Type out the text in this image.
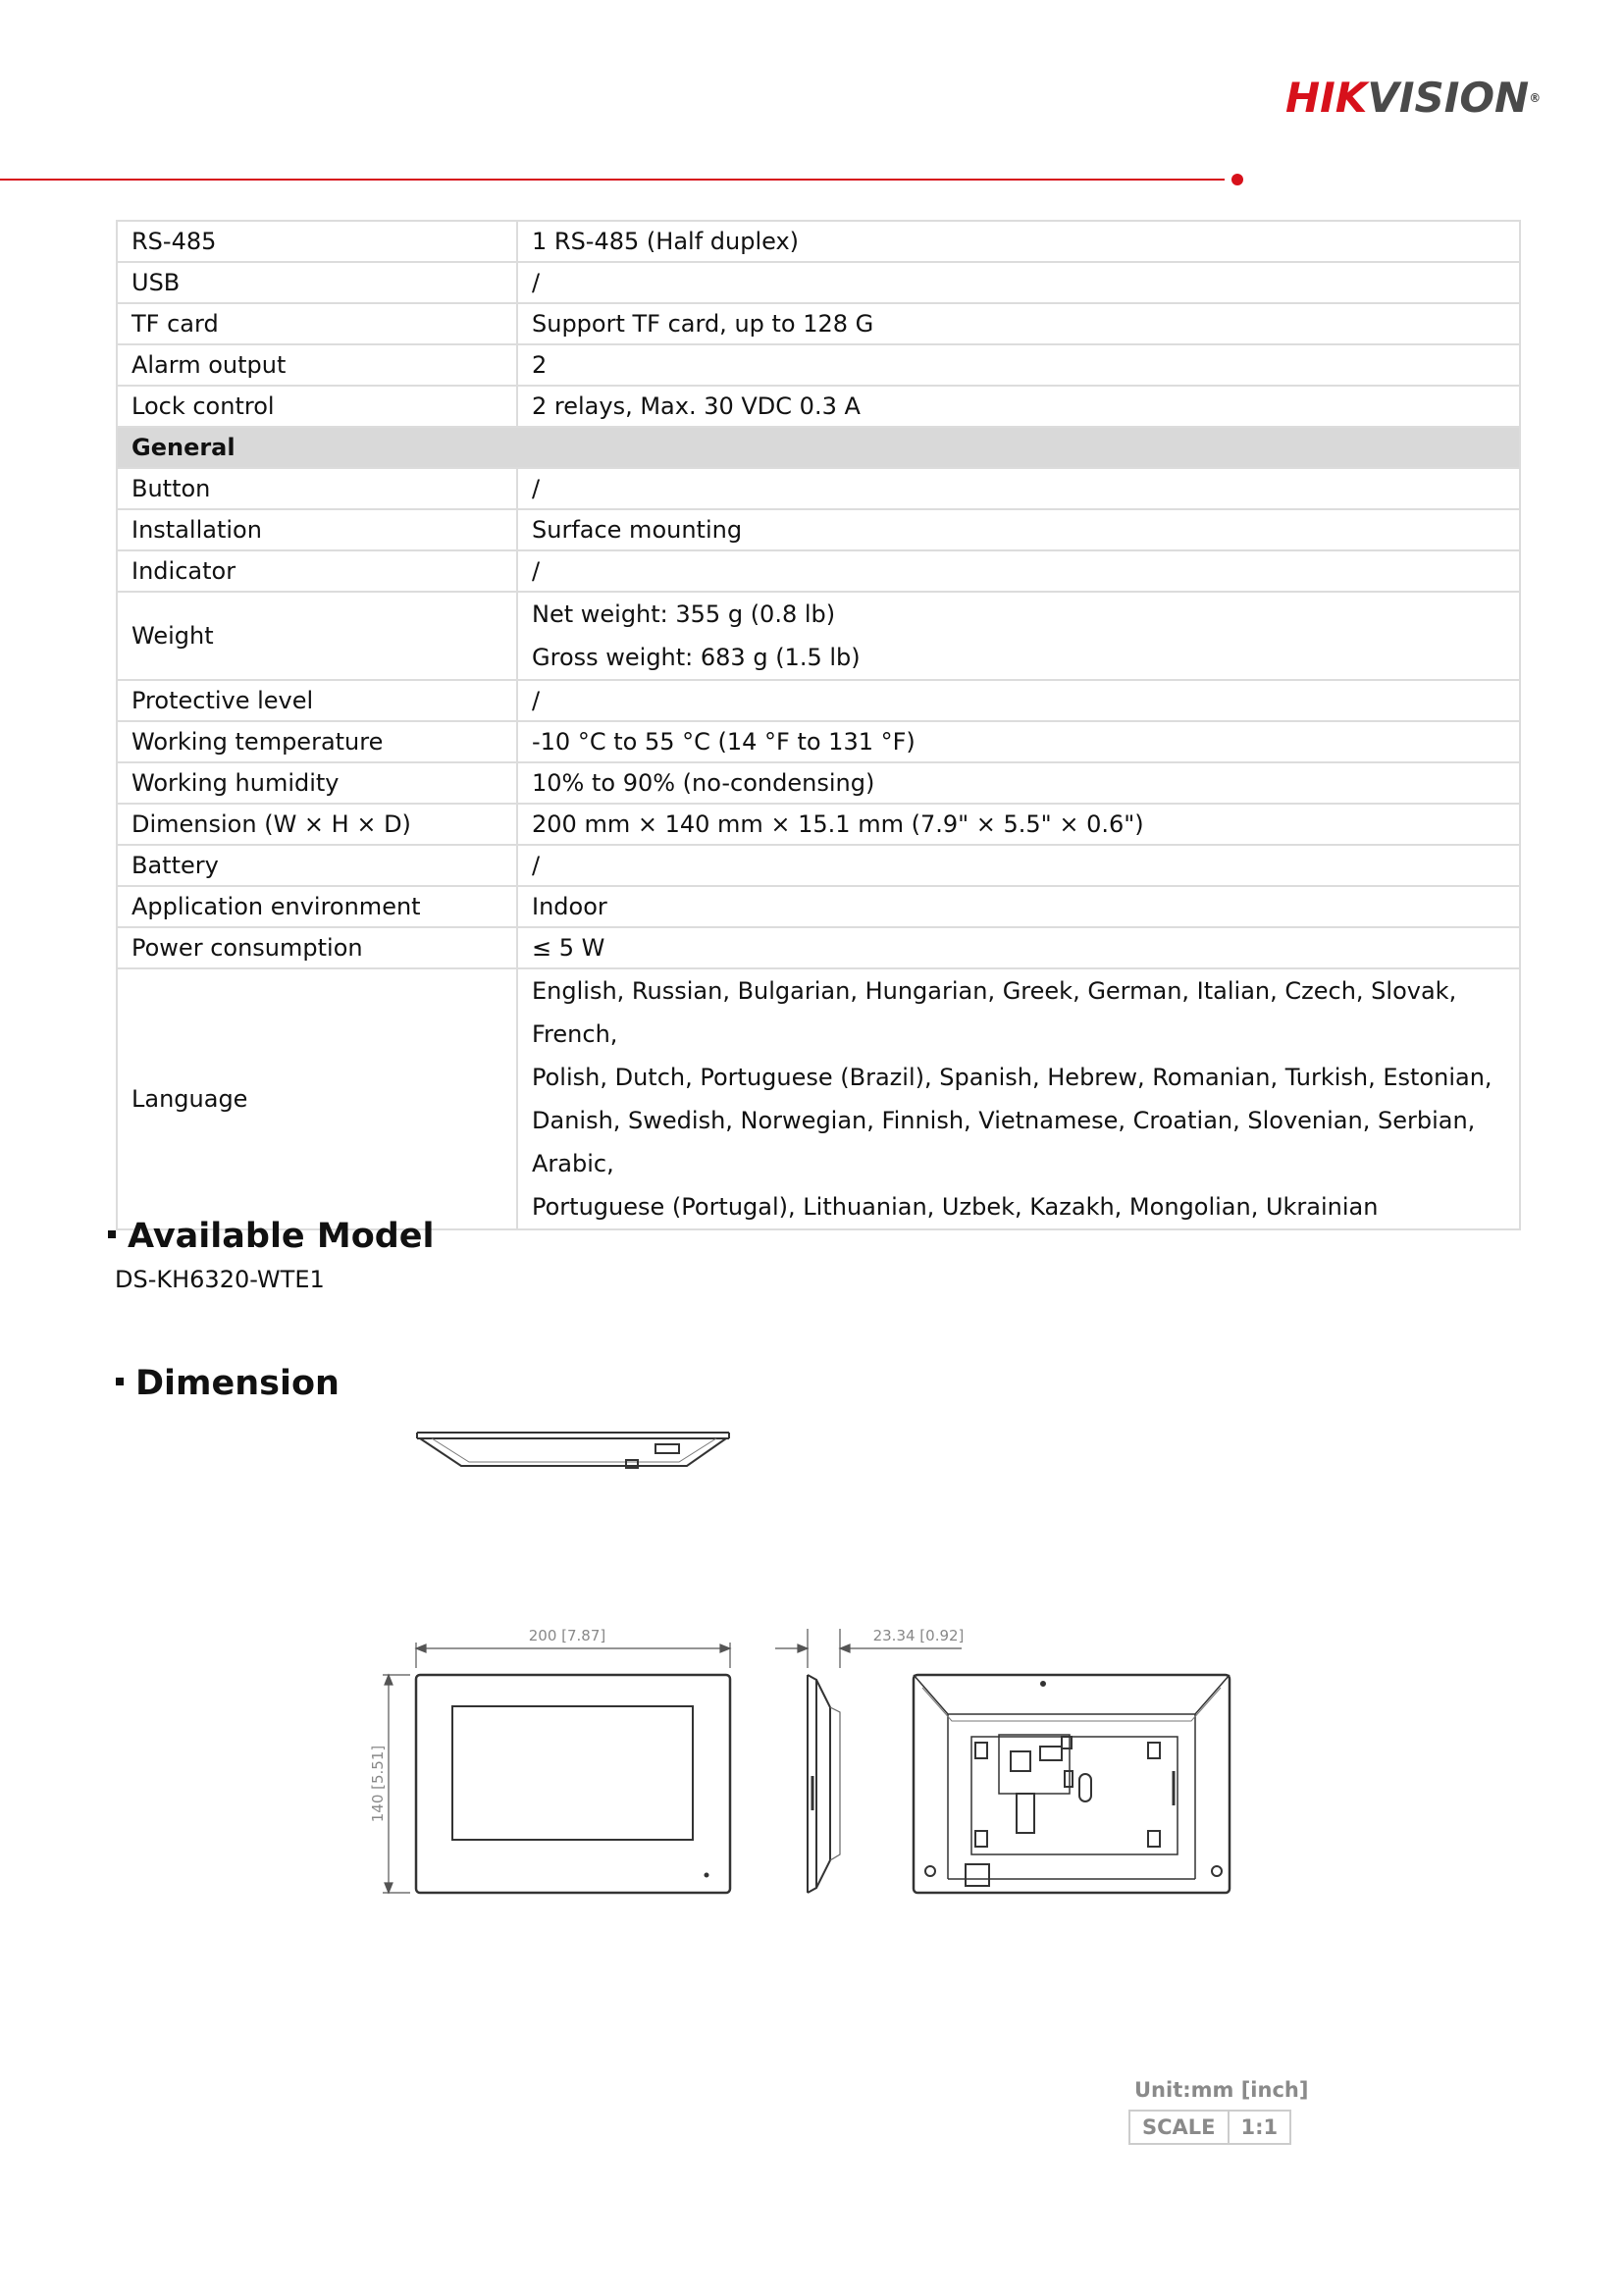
HIKVISION®
RS-485	1 RS-485 (Half duplex)

USB	/

TF card	Support TF card, up to 128 G

Alarm output	2

Lock control	2 relays, Max. 30 VDC 0.3 A

General	
Button	/

Installation	Surface mounting

Indicator	/

Weight	Net weight: 355 g (0.8 lb)
Gross weight: 683 g (1.5 lb)

Protective level	/

Working temperature	-10 °C to 55 °C (14 °F to 131 °F)

Working humidity	10% to 90% (no-condensing)

Dimension (W × H × D)	200 mm × 140 mm × 15.1 mm (7.9" × 5.5" × 0.6")

Battery	/

Application environment	Indoor

Power consumption	≤ 5 W

Language	English, Russian, Bulgarian, Hungarian, Greek, German, Italian, Czech, Slovak, French,
Polish, Dutch, Portuguese (Brazil), Spanish, Hebrew, Romanian, Turkish, Estonian,
Danish, Swedish, Norwegian, Finnish, Vietnamese, Croatian, Slovenian, Serbian, Arabic,
Portuguese (Portugal), Lithuanian, Uzbek, Kazakh, Mongolian, Ukrainian
Available Model
DS-KH6320-WTE1
Dimension
200 [7.87]
140 [5.51]
23.34 [0.92]
Unit:mm [inch]
SCALE	1:1
